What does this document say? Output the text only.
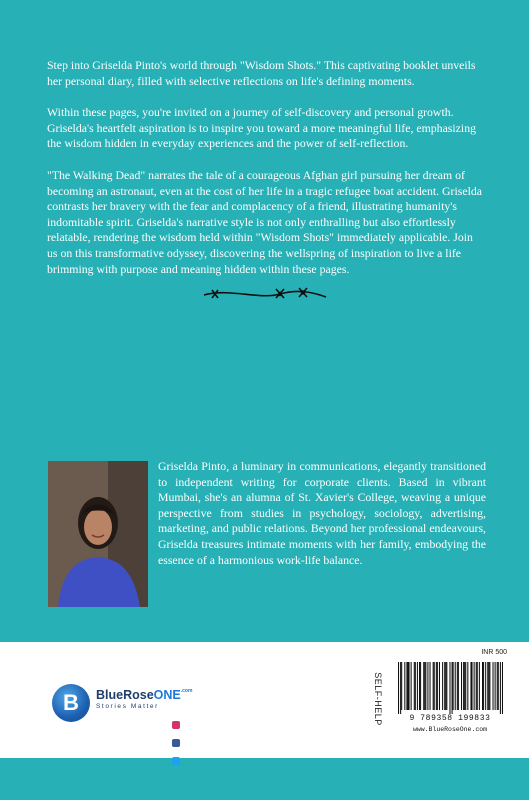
Step into Griselda Pinto's world through "Wisdom Shots." This captivating booklet unveils her personal diary, filled with selective reflections on life's defining moments.

Within these pages, you're invited on a journey of self-discovery and personal growth. Griselda's heartfelt aspiration is to inspire you toward a more meaningful life, emphasizing the wisdom hidden in everyday experiences and the power of self-reflection.

"The Walking Dead" narrates the tale of a courageous Afghan girl pursuing her dream of becoming an astronaut, even at the cost of her life in a tragic refugee boat accident. Griselda contrasts her bravery with the fear and complacency of a friend, illustrating humanity's indomitable spirit. Griselda's narrative style is not only enthralling but also effortlessly relatable, rendering the wisdom held within "Wisdom Shots" immediately applicable. Join us on this transformative odyssey, discovering the wellspring of inspiration to live a life brimming with purpose and meaning hidden within these pages.

Griselda Pinto, a luminary in communications, elegantly transitioned to independent writing for corporate clients. Based in vibrant Mumbai, she's an alumna of St. Xavier's College, weaving a unique perspective from studies in psychology, sociology, advertising, marketing, and public relations. Beyond her professional endeavours, Griselda treasures intimate moments with her family, embodying the essence of a harmonious work-life balance.

B	BlueRoseONE$^{.com}$
Stories Matter	SELF-HELP
INR 500
9 789358 199833
www.BlueRoseOne.com
